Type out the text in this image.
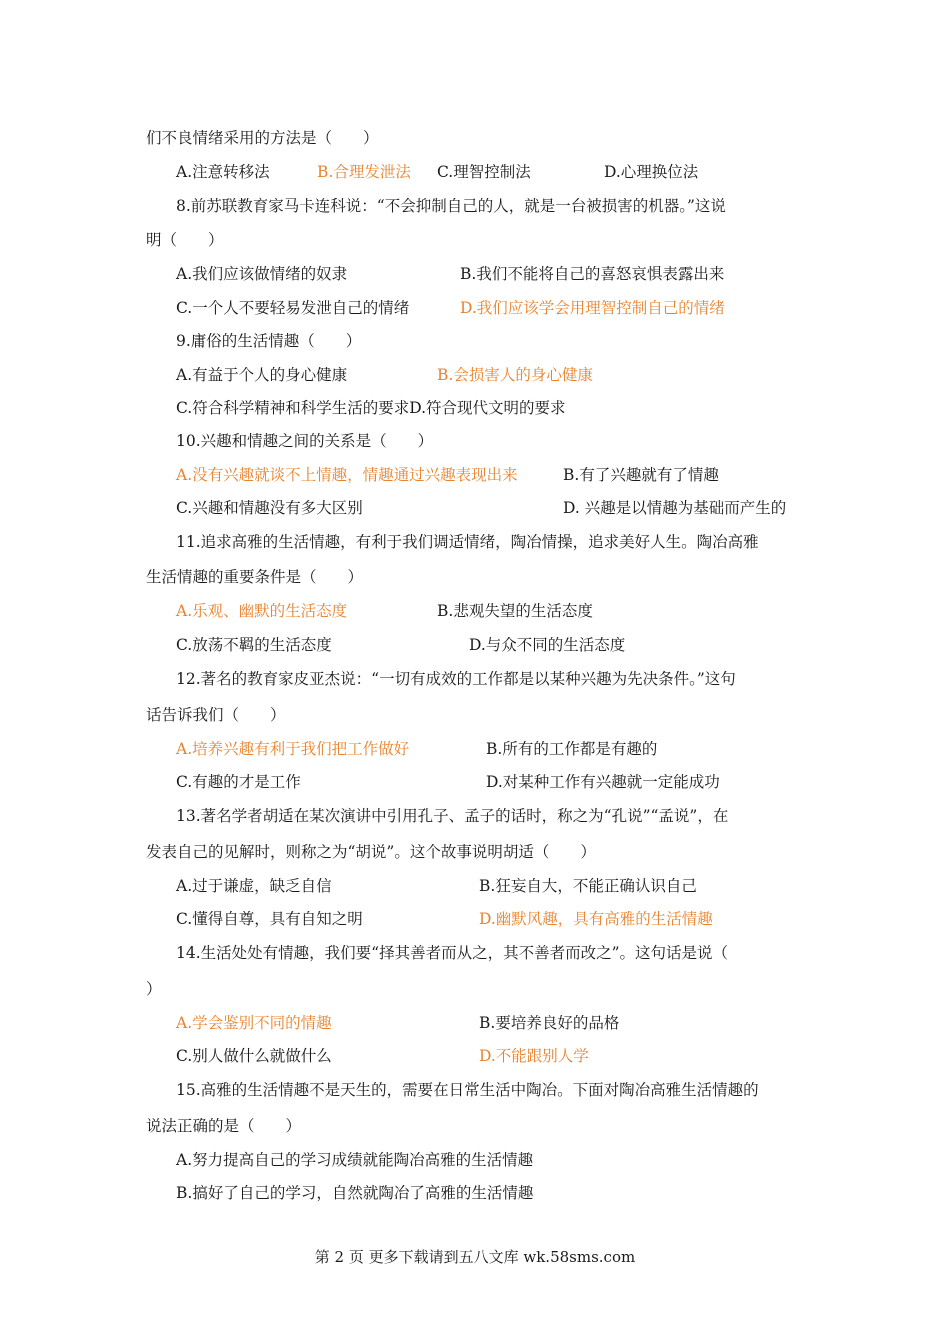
们不良情绪采用的方法是（　　）
A.注意转移法	B.合理发泄法 C.理智控制法	D.心理换位法
8.前苏联教育家马卡连科说：“不会抑制自己的人，就是一台被损害的机器。”这说
明（　　）
A.我们应该做情绪的奴隶	B.我们不能将自己的喜怒哀惧表露出来
C.一个人不要轻易发泄自己的情绪	D.我们应该学会用理智控制自己的情绪
9.庸俗的生活情趣（　　）
A.有益于个人的身心健康	B.会损害人的身心健康
C.符合科学精神和科学生活的要求D.符合现代文明的要求
10.兴趣和情趣之间的关系是（　　）
A.没有兴趣就谈不上情趣，情趣通过兴趣表现出来	B.有了兴趣就有了情趣
C.兴趣和情趣没有多大区别	D. 兴趣是以情趣为基础而产生的
11.追求高雅的生活情趣，有利于我们调适情绪，陶冶情操，追求美好人生。陶冶高雅
生活情趣的重要条件是（　　）
A.乐观、幽默的生活态度	B.悲观失望的生活态度
C.放荡不羁的生活态度	D.与众不同的生活态度
12.著名的教育家皮亚杰说：“一切有成效的工作都是以某种兴趣为先决条件。”这句
话告诉我们（　　）
A.培养兴趣有利于我们把工作做好	B.所有的工作都是有趣的
C.有趣的才是工作	D.对某种工作有兴趣就一定能成功
13.著名学者胡适在某次演讲中引用孔子、孟子的话时，称之为“孔说”“孟说”，在
发表自己的见解时，则称之为“胡说”。这个故事说明胡适（　　）
A.过于谦虚，缺乏自信	B.狂妄自大，不能正确认识自己
C.懂得自尊，具有自知之明	D.幽默风趣，具有高雅的生活情趣
14.生活处处有情趣，我们要“择其善者而从之，其不善者而改之”。这句话是说（
）
A.学会鉴别不同的情趣	B.要培养良好的品格
C.别人做什么就做什么	D.不能跟别人学
15.高雅的生活情趣不是天生的，需要在日常生活中陶冶。下面对陶冶高雅生活情趣的
说法正确的是（　　）
A.努力提高自己的学习成绩就能陶冶高雅的生活情趣
B.搞好了自己的学习，自然就陶冶了高雅的生活情趣
第 2 页 更多下载请到五八文库 wk.58sms.com
